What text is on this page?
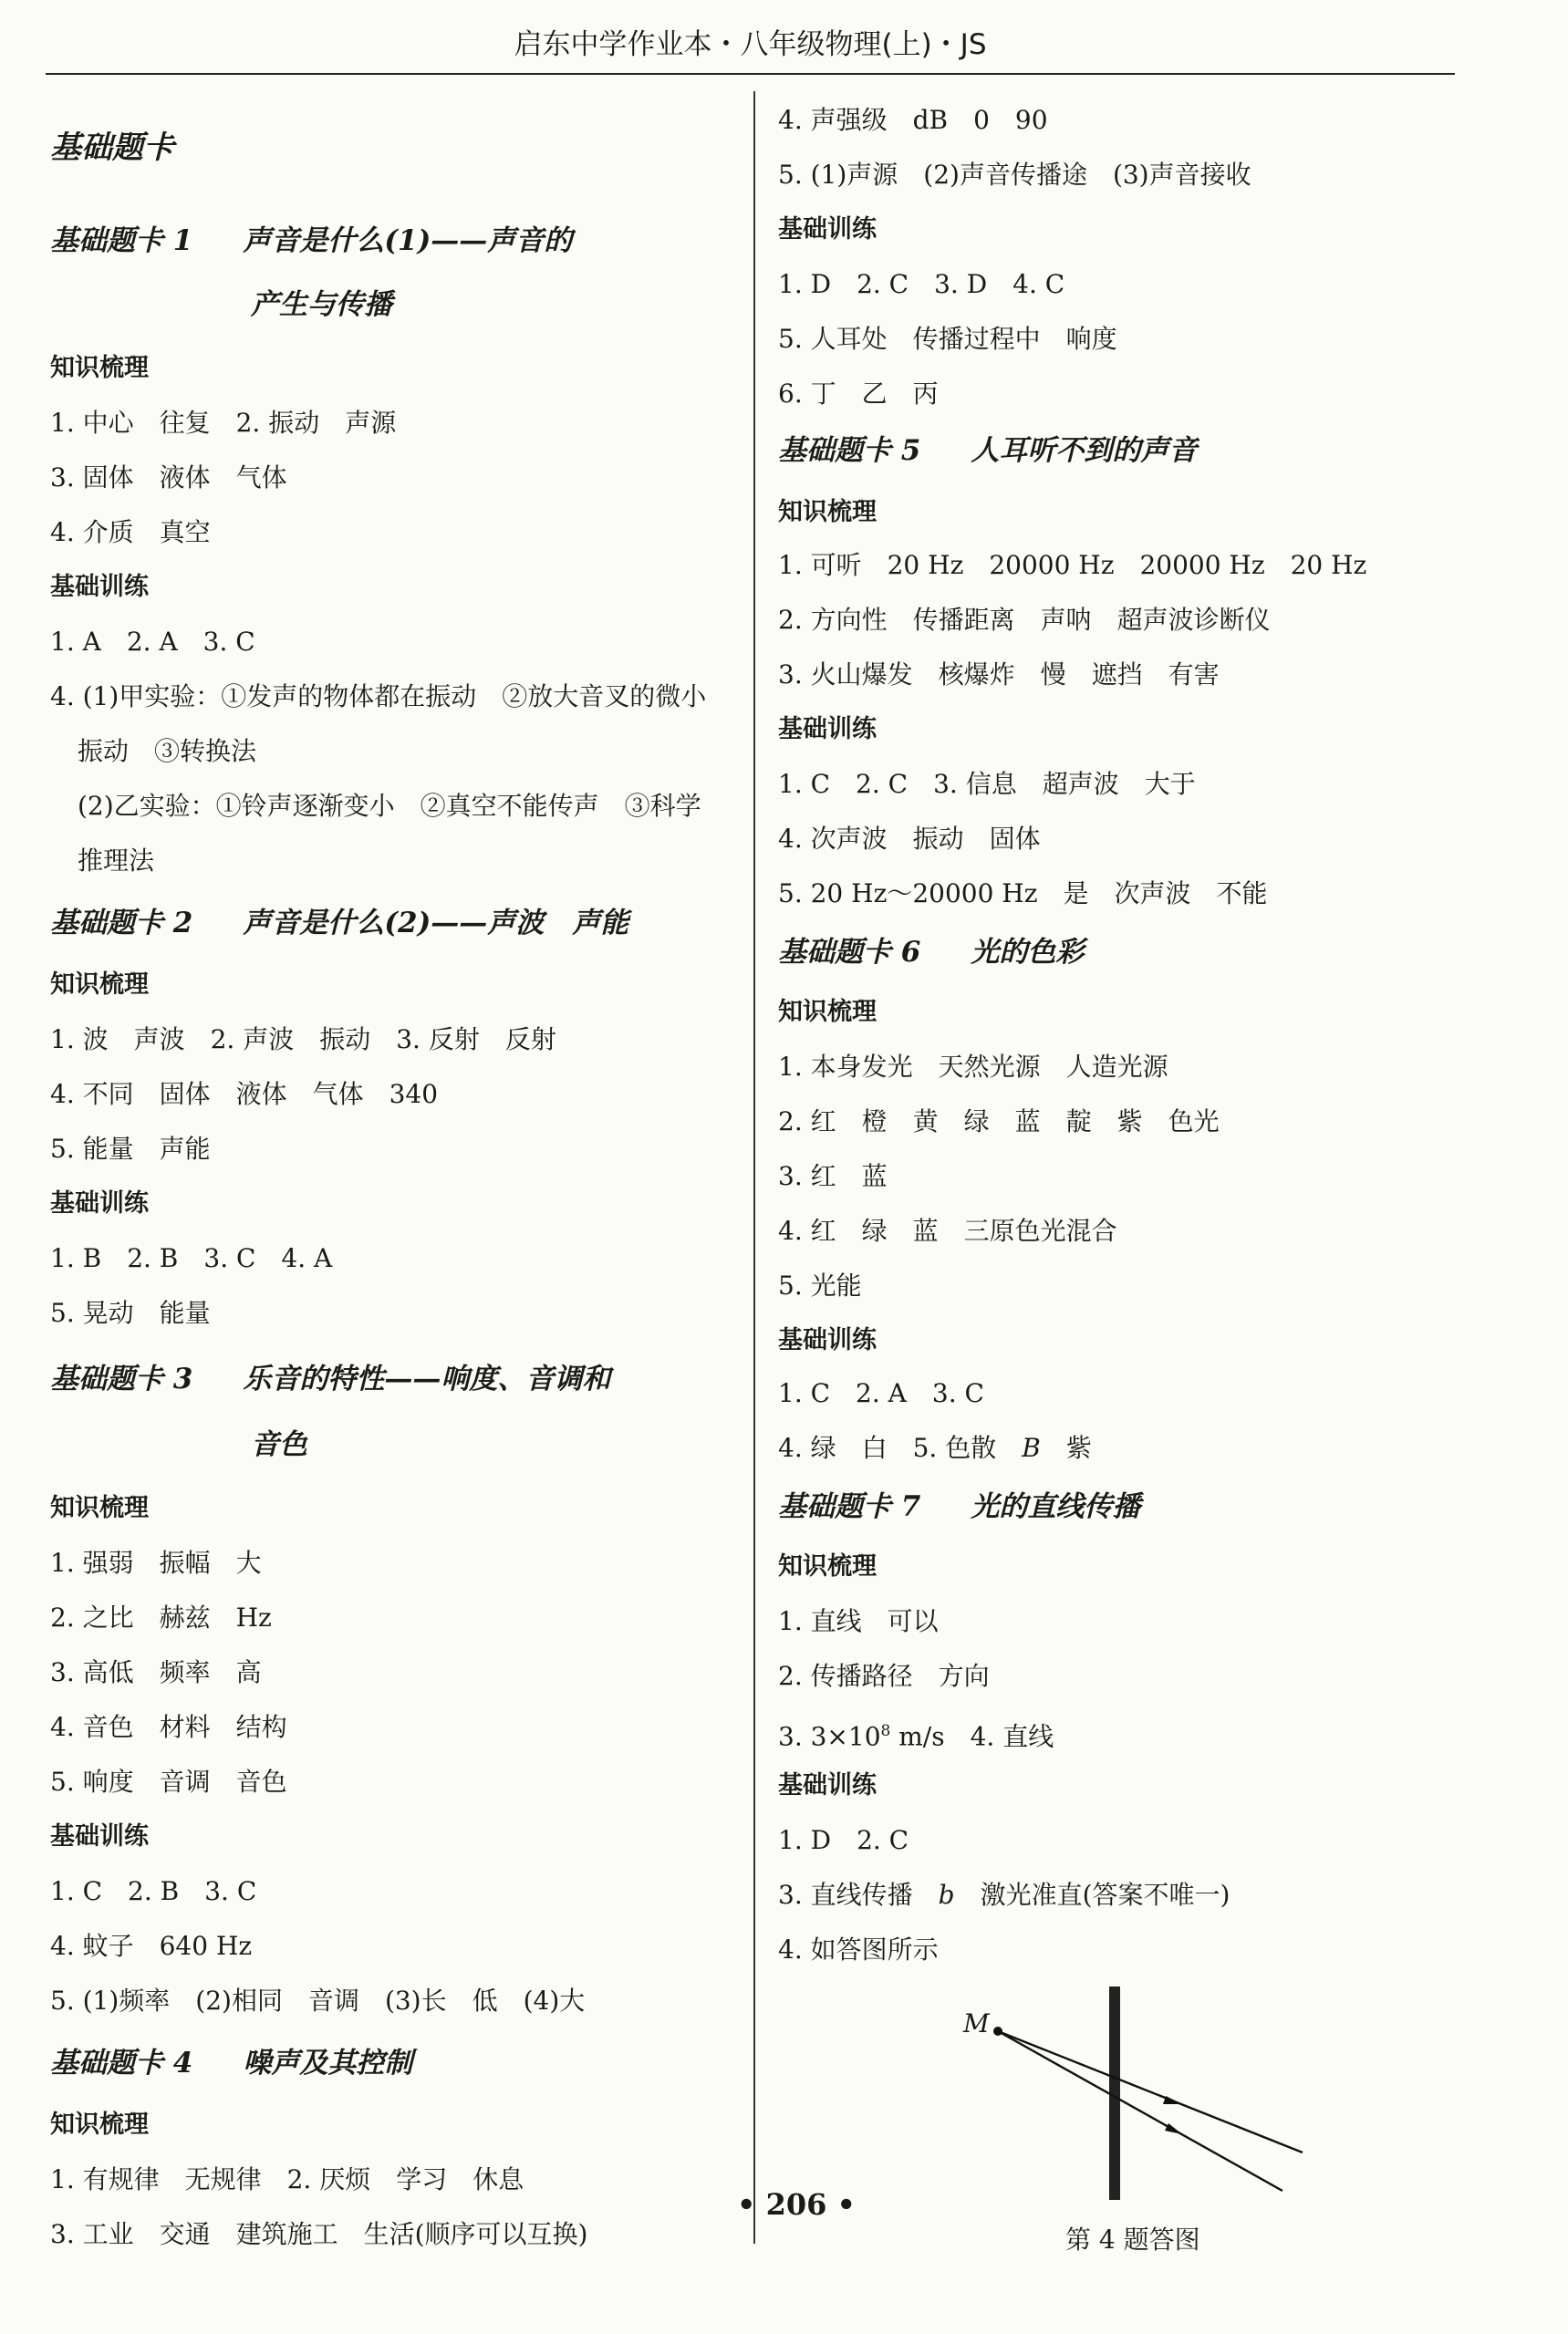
启东中学作业本・八年级物理(上)・JS
基础题卡
基础题卡 1 声音是什么(1)——声音的
产生与传播
知识梳理
1. 中心　往复　2. 振动　声源
3. 固体　液体　气体
4. 介质　真空
基础训练
1. A　2. A　3. C
4. (1)甲实验：①发声的物体都在振动　②放大音叉的微小
振动　③转换法
(2)乙实验：①铃声逐渐变小　②真空不能传声　③科学
推理法
基础题卡 2 声音是什么(2)——声波　声能
知识梳理
1. 波　声波　2. 声波　振动　3. 反射　反射
4. 不同　固体　液体　气体　340
5. 能量　声能
基础训练
1. B　2. B　3. C　4. A
5. 晃动　能量
基础题卡 3 乐音的特性——响度、音调和
音色
知识梳理
1. 强弱　振幅　大
2. 之比　赫兹　Hz
3. 高低　频率　高
4. 音色　材料　结构
5. 响度　音调　音色
基础训练
1. C　2. B　3. C
4. 蚊子　640 Hz
5. (1)频率　(2)相同　音调　(3)长　低　(4)大
基础题卡 4 噪声及其控制
知识梳理
1. 有规律　无规律　2. 厌烦　学习　休息
3. 工业　交通　建筑施工　生活(顺序可以互换)
4. 声强级　dB　0　90
5. (1)声源　(2)声音传播途　(3)声音接收
基础训练
1. D　2. C　3. D　4. C
5. 人耳处　传播过程中　响度
6. 丁　乙　丙
基础题卡 5 人耳听不到的声音
知识梳理
1. 可听　20 Hz　20000 Hz　20000 Hz　20 Hz
2. 方向性　传播距离　声呐　超声波诊断仪
3. 火山爆发　核爆炸　慢　遮挡　有害
基础训练
1. C　2. C　3. 信息　超声波　大于
4. 次声波　振动　固体
5. 20 Hz～20000 Hz　是　次声波　不能
基础题卡 6 光的色彩
知识梳理
1. 本身发光　天然光源　人造光源
2. 红　橙　黄　绿　蓝　靛　紫　色光
3. 红　蓝
4. 红　绿　蓝　三原色光混合
5. 光能
基础训练
1. C　2. A　3. C
4. 绿　白　5. 色散　B　紫
基础题卡 7 光的直线传播
知识梳理
1. 直线　可以
2. 传播路径　方向
3. $3\times 10^8$ m/s　4. 直线
基础训练
1. D　2. C
3. 直线传播　b　激光准直(答案不唯一)
4. 如答图所示
第 4 题答图
M
• 206 •
